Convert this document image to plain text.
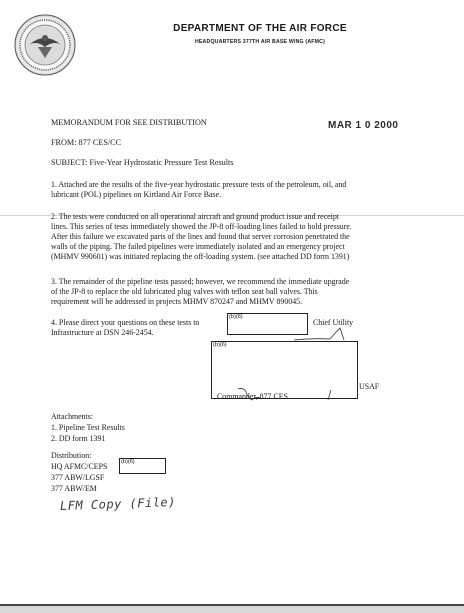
DEPARTMENT OF THE AIR FORCE
HEADQUARTERS 377TH AIR BASE WING (AFMC)
MEMORANDUM FOR SEE DISTRIBUTION	MAR 1 0 2000
FROM: 877 CES/CC
SUBJECT: Five-Year Hydrostatic Pressure Test Results
1. Attached are the results of the five-year hydrostatic pressure tests of the petroleum, oil, and
lubricant (POL) pipelines on Kirtland Air Force Base.
2. The tests were conducted on all operational aircraft and ground product issue and receipt
lines. This series of tests immediately showed the JP-8 off-loading lines failed to hold pressure.
After this failure we excavated parts of the lines and found that server corrosion penetrated the
walls of the piping. The failed pipelines were immediately isolated and an emergency project
(MHMV 990601) was initiated replacing the off-loading system. (see attached DD form 1391)
3. The remainder of the pipeline tests passed; however, we recommend the immediate upgrade
of the JP-8 to replace the old lubricated plug valves with teflon seat ball valves. This
requirement will be addressed in projects MHMV 870247 and MHMV 890045.
4. Please direct your questions on these tests to
(b)(6)
Chief Utility
Infrastructure at DSN 246-2454.
(b)(6)
USAF
Commander, 877 CES
Attachments:
1. Pipeline Test Results
2. DD form 1391
Distribution:
HQ AFMC/CEPS (b)(6)
377 ABW/LGSF
377 ABW/EM
LFM Copy (File)
